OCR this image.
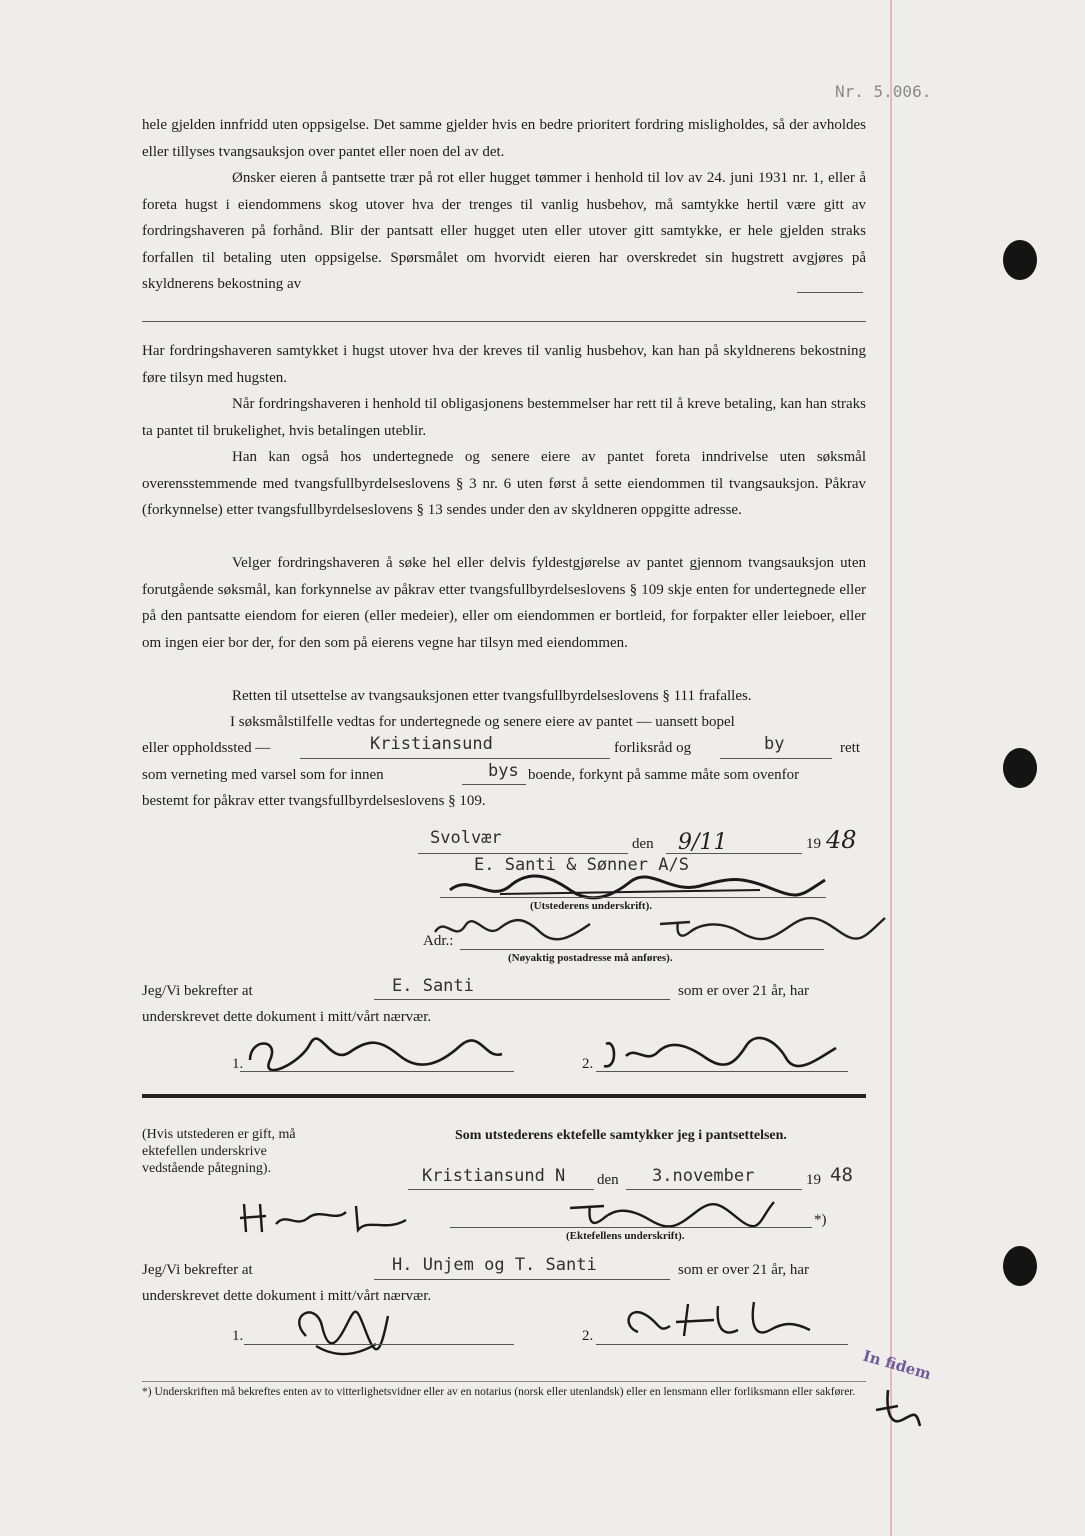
Nr. 5.006.

hele gjelden innfridd uten oppsigelse. Det samme gjelder hvis en bedre prioritert fordring misligholdes, så der avholdes eller tillyses tvangsauksjon over pantet eller noen del av det.

Ønsker eieren å pantsette trær på rot eller hugget tømmer i henhold til lov av 24. juni 1931 nr. 1, eller å foreta hugst i eiendommens skog utover hva der trenges til vanlig husbehov, må samtykke hertil være gitt av fordringshaveren på forhånd. Blir der pantsatt eller hugget uten eller utover gitt samtykke, er hele gjelden straks forfallen til betaling uten oppsigelse. Spørsmålet om hvorvidt eieren har overskredet sin hugstrett avgjøres på skyldnerens bekostning av

Har fordringshaveren samtykket i hugst utover hva der kreves til vanlig husbehov, kan han på skyldnerens bekostning føre tilsyn med hugsten.

Når fordringshaveren i henhold til obligasjonens bestemmelser har rett til å kreve betaling, kan han straks ta pantet til brukelighet, hvis betalingen uteblir.

Han kan også hos undertegnede og senere eiere av pantet foreta inndrivelse uten søksmål overensstemmende med tvangsfullbyrdelseslovens § 3 nr. 6 uten først å sette eiendommen til tvangsauksjon. Påkrav (forkynnelse) etter tvangsfullbyrdelseslovens § 13 sendes under den av skyldneren oppgitte adresse.

Velger fordringshaveren å søke hel eller delvis fyldestgjørelse av pantet gjennom tvangsauksjon uten forutgående søksmål, kan forkynnelse av påkrav etter tvangsfullbyrdelseslovens § 109 skje enten for undertegnede eller på den pantsatte eiendom for eieren (eller medeier), eller om eiendommen er bortleid, for forpakter eller leieboer, eller om ingen eier bor der, for den som på eierens vegne har tilsyn med eiendommen.

Retten til utsettelse av tvangsauksjonen etter tvangsfullbyrdelseslovens § 111 frafalles.

I søksmålstilfelle vedtas for undertegnede og senere eiere av pantet — uansett bopel

eller oppholdssted —	Kristiansund	forliksråd og	by	rett
som verneting med varsel som for innen	bys boende, forkynt på samme måte som ovenfor
bestemt for påkrav etter tvangsfullbyrdelseslovens § 109.
Svolvær	den 9/11	19 48
E. Santi & Sønner A/S
(Utstederens underskrift).
Adr.:
(Nøyaktig postadresse må anføres).
Jeg/Vi bekrefter at	E. Santi	som er over 21 år, har
underskrevet dette dokument i mitt/vårt nærvær.
1.	2.
(Hvis utstederen er gift, må ektefellen underskrive vedstående påtegning).
Som utstederens ektefelle samtykker jeg i pantsettelsen.
Kristiansund N den 3.november	19 48
*)
(Ektefellens underskrift).
Jeg/Vi bekrefter at	H. Unjem og T. Santi	som er over 21 år, har
underskrevet dette dokument i mitt/vårt nærvær.
1.	2.
*) Underskriften må bekreftes enten av to vitterlighetsvidner eller av en notarius (norsk eller utenlandsk) eller en lensmann eller forliksmann eller sakfører.
In fidem
